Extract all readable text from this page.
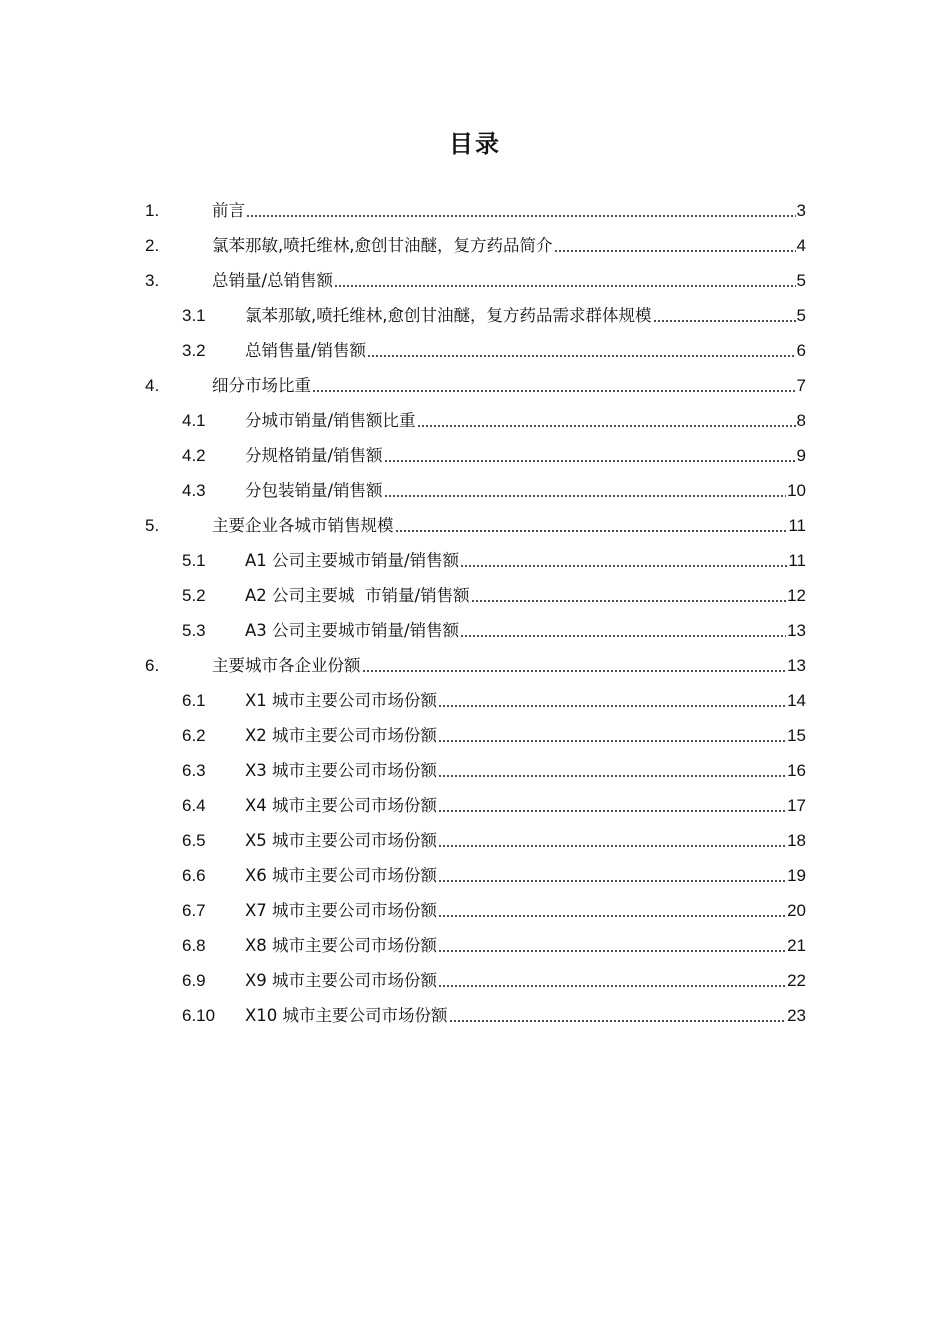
目录
1.	前言	3
2.	氯苯那敏,喷托维林,愈创甘油醚，复方药品简介	4
3.	总销量/总销售额	5
3.1	氯苯那敏,喷托维林,愈创甘油醚，复方药品需求群体规模	5
3.2	总销售量/销售额	6
4.	细分市场比重	7
4.1	分城市销量/销售额比重	8
4.2	分规格销量/销售额	9
4.3	分包装销量/销售额	10
5.	主要企业各城市销售规模	11
5.1	A1 公司主要城市销量/销售额	11
5.2	A2 公司主要城  市销量/销售额	12
5.3	A3 公司主要城市销量/销售额	13
6.	主要城市各企业份额	13
6.1	X1 城市主要公司市场份额	14
6.2	X2 城市主要公司市场份额	15
6.3	X3 城市主要公司市场份额	16
6.4	X4 城市主要公司市场份额	17
6.5	X5 城市主要公司市场份额	18
6.6	X6 城市主要公司市场份额	19
6.7	X7 城市主要公司市场份额	20
6.8	X8 城市主要公司市场份额	21
6.9	X9 城市主要公司市场份额	22
6.10	X10 城市主要公司市场份额	23
